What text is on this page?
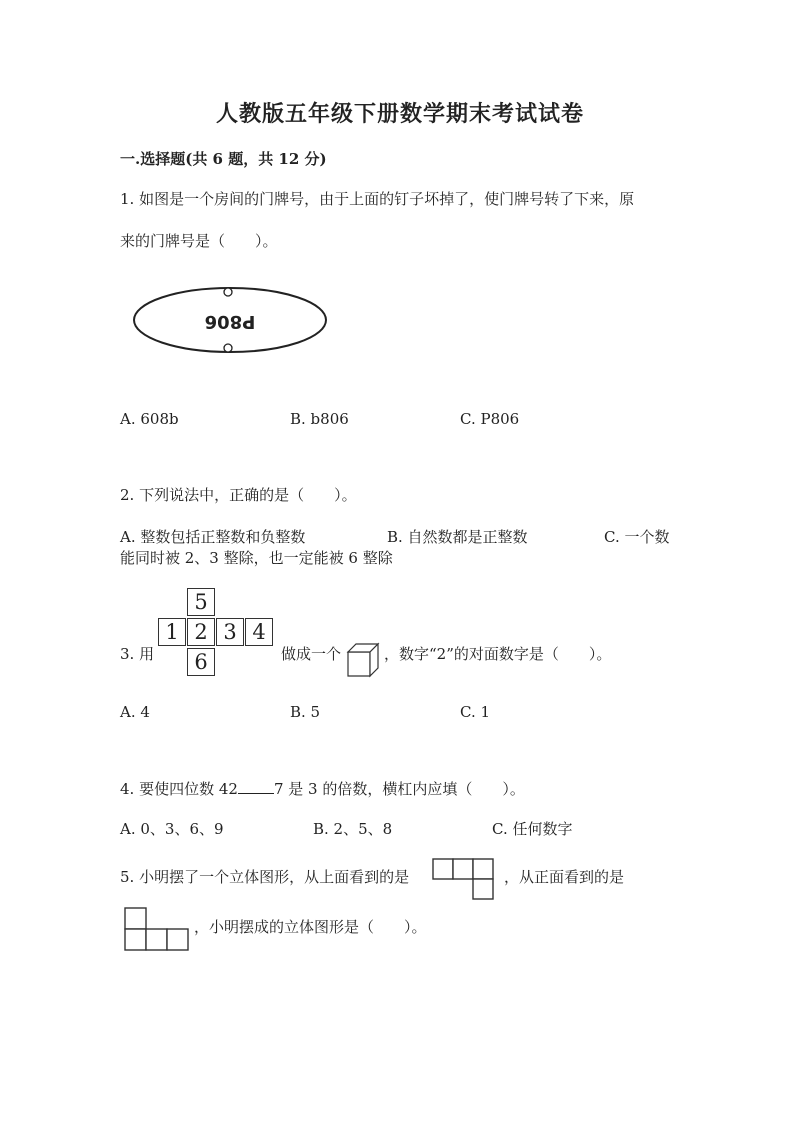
人教版五年级下册数学期末考试试卷
一.选择题(共 6 题，共 12 分)
1. 如图是一个房间的门牌号，由于上面的钉子坏掉了，使门牌号转了下来，原
来的门牌号是（　　）。
P806
A. 608b	B. b806	C. P806
2. 下列说法中，正确的是（　　）。
A. 整数包括正整数和负整数	B. 自然数都是正整数	C. 一个数
能同时被 2、3 整除，也一定能被 6 整除
3. 用
5
1 2 3 4
6	做成一个	，数字“2”的对面数字是（　　）。
A. 4	B. 5	C. 1
4. 要使四位数 42 7 是 3 的倍数，横杠内应填（　　）。
A. 0、3、6、9	B. 2、5、8	C. 任何数字
5. 小明摆了一个立体图形，从上面看到的是	，从正面看到的是
，小明摆成的立体图形是（　　）。
